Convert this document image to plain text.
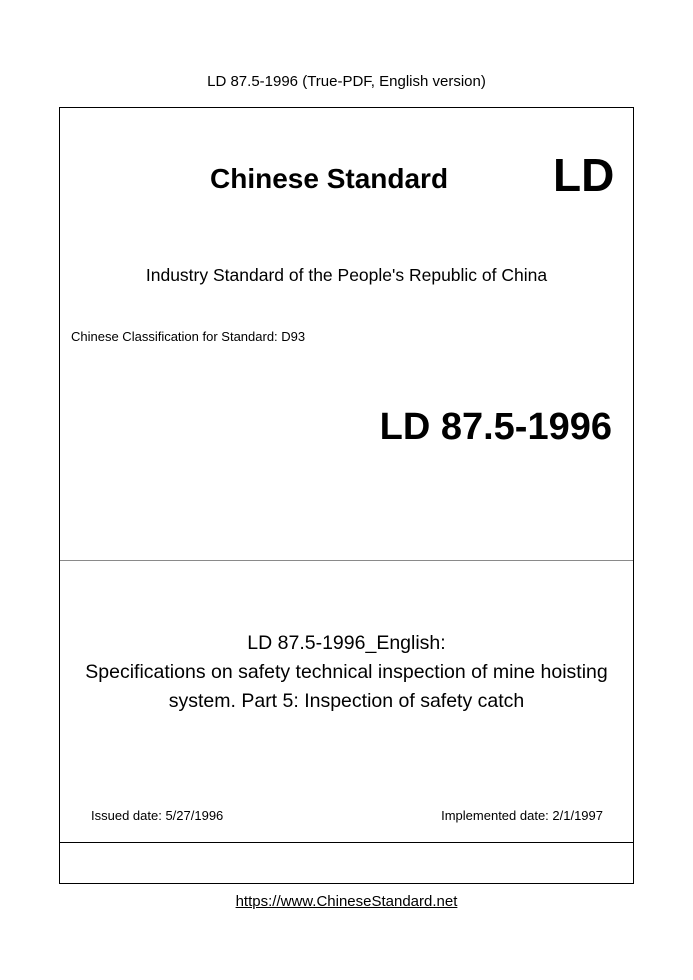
LD 87.5-1996 (True-PDF, English version)
Chinese Standard LD
Industry Standard of the People's Republic of China
Chinese Classification for Standard: D93
LD 87.5-1996
LD 87.5-1996_English:
Specifications on safety technical inspection of mine hoisting
system. Part 5: Inspection of safety catch
Issued date: 5/27/1996	Implemented date: 2/1/1997
https://www.ChineseStandard.net
